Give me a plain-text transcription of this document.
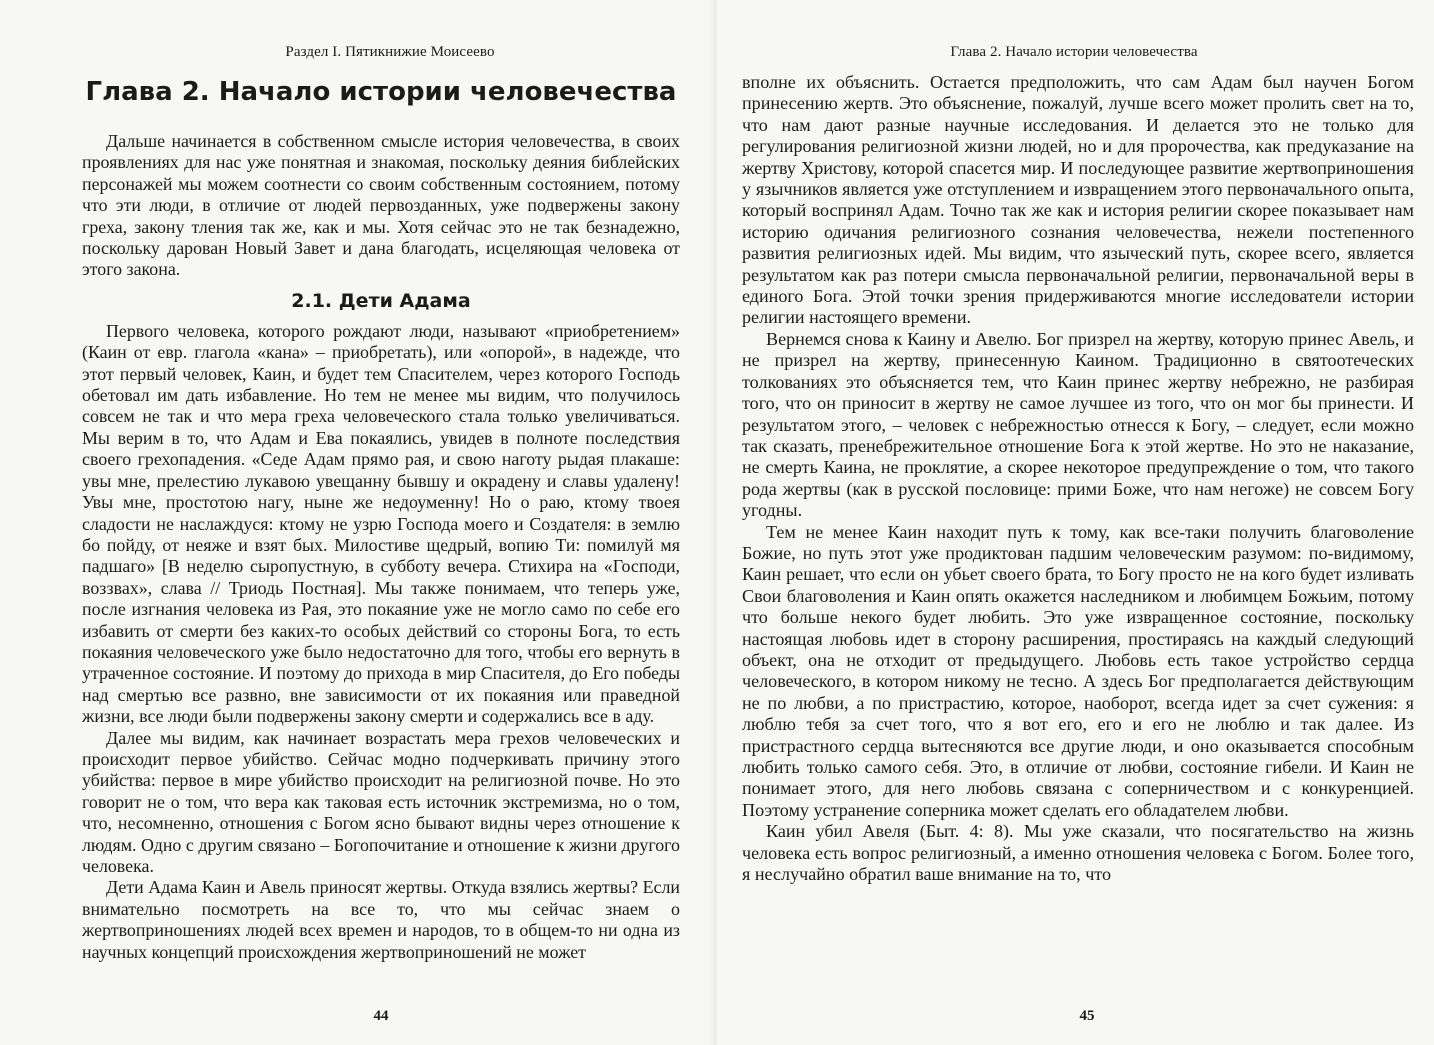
Раздел I. Пятикнижие Моисеево
Глава 2. Начало истории человечества

Дальше начинается в собственном смысле история человечества, в своих проявлениях для нас уже понятная и знакомая, поскольку деяния библейских персонажей мы можем соотнести со своим собственным состоянием, потому что эти люди, в отличие от людей первозданных, уже подвержены закону греха, закону тления так же, как и мы. Хотя сейчас это не так безнадежно, поскольку дарован Новый Завет и дана благодать, исцеляющая человека от этого закона.

2.1. Дети Адама

Первого человека, которого рождают люди, называют «приобретением» (Каин от евр. глагола «кана» – приобретать), или «опорой», в надежде, что этот первый человек, Каин, и будет тем Спасителем, через которого Господь обетовал им дать избавление. Но тем не менее мы видим, что получилось совсем не так и что мера греха человеческого стала только увеличиваться. Мы верим в то, что Адам и Ева покаялись, увидев в полноте последствия своего грехопадения. «Седе Адам прямо рая, и свою наготу рыдая плакаше: увы мне, прелестию лукавою увещанну бывшу и окрадену и славы удалену! Увы мне, простотою нагу, ныне же недоуменну! Но о раю, ктому твоея сладости не наслаждуся: ктому не узрю Господа моего и Создателя: в землю бо пойду, от нeяже и взят бых. Милостиве щедрый, вопию Ти: помилуй мя падшаго» [В неделю сыропустную, в субботу вечера. Стихира на «Господи, воззвах», слава // Триодь Постная]. Мы также понимаем, что теперь уже, после изгнания человека из Рая, это покаяние уже не могло само по себе его избавить от смерти без каких-то особых действий со стороны Бога, то есть покаяния человеческого уже было недостаточно для того, чтобы его вернуть в утраченное состояние. И поэтому до прихода в мир Спасителя, до Его победы над смертью все развно, вне зависимости от их покаяния или праведной жизни, все люди были подвержены закону смерти и содержались все в аду.

Далее мы видим, как начинает возрастать мера грехов человеческих и происходит первое убийство. Сейчас модно подчеркивать причину этого убийства: первое в мире убийство происходит на религиозной почве. Но это говорит не о том, что вера как таковая есть источник экстремизма, но о том, что, несомненно, отношения с Богом ясно бывают видны через отношение к людям. Одно с другим связано – Богопочитание и отношение к жизни другого человека.

Дети Адама Каин и Авель приносят жертвы. Откуда взялись жертвы? Если внимательно посмотреть на все то, что мы сейчас знаем о жертвоприношениях людей всех времен и народов, то в общем-то ни одна из научных концепций происхождения жертвоприношений не может

44
Глава 2. Начало истории человечества

вполне их объяснить. Остается предположить, что сам Адам был научен Богом принесению жертв. Это объяснение, пожалуй, лучше всего может пролить свет на то, что нам дают разные научные исследования. И делается это не только для регулирования религиозной жизни людей, но и для пророчества, как предуказание на жертву Христову, которой спасется мир. И последующее развитие жертвоприношения у язычников является уже отступлением и извращением этого первоначального опыта, который воспринял Адам. Точно так же как и история религии скорее показывает нам историю одичания религиозного сознания человечества, нежели постепенного развития религиозных идей. Мы видим, что языческий путь, скорее всего, является результатом как раз потери смысла первоначальной религии, первоначальной веры в единого Бога. Этой точки зрения придерживаются многие исследователи истории религии настоящего времени.

Вернемся снова к Каину и Авелю. Бог призрел на жертву, которую принес Авель, и не призрел на жертву, принесенную Каином. Традиционно в святоотеческих толкованиях это объясняется тем, что Каин принес жертву небрежно, не разбирая того, что он приносит в жертву не самое лучшее из того, что он мог бы принести. И результатом этого, – человек с небрежностью отнесся к Богу, – следует, если можно так сказать, пренебрежительное отношение Бога к этой жертве. Но это не наказание, не смерть Каина, не проклятие, а скорее некоторое предупреждение о том, что такого рода жертвы (как в русской пословице: прими Боже, что нам негоже) не совсем Богу угодны.

Тем не менее Каин находит путь к тому, как все-таки получить благоволение Божие, но путь этот уже продиктован падшим человеческим разумом: по-видимому, Каин решает, что если он убьет своего брата, то Богу просто не на кого будет изливать Свои благоволения и Каин опять окажется наследником и любимцем Божьим, потому что больше некого будет любить. Это уже извращенное состояние, поскольку настоящая любовь идет в сторону расширения, простираясь на каждый следующий объект, она не отходит от предыдущего. Любовь есть такое устройство сердца человеческого, в котором никому не тесно. А здесь Бог предполагается действующим не по любви, а по пристрастию, которое, наоборот, всегда идет за счет сужения: я люблю тебя за счет того, что я вот его, его и его не люблю и так далее. Из пристрастного сердца вытесняются все другие люди, и оно оказывается способным любить только самого себя. Это, в отличие от любви, состояние гибели. И Каин не понимает этого, для него любовь связана с соперничеством и с конкуренцией. Поэтому устранение соперника может сделать его обладателем любви.

Каин убил Авеля (Быт. 4: 8). Мы уже сказали, что посягательство на жизнь человека есть вопрос религиозный, а именно отношения человека с Богом. Более того, я неслучайно обратил ваше внимание на то, что

45
